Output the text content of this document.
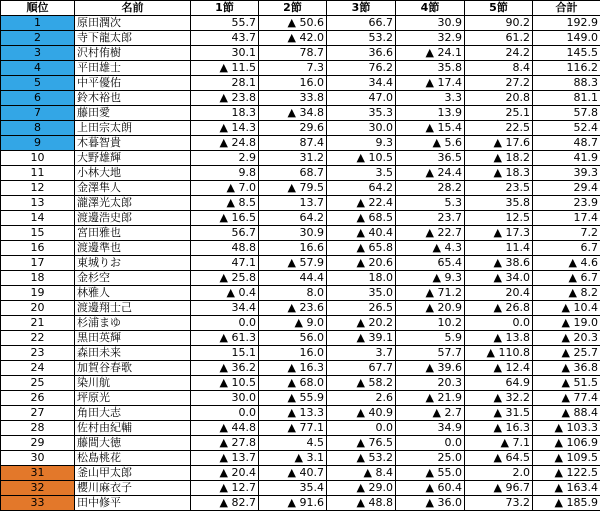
順位	名前	1節	2節	3節	4節	5節	合計
1	原田潤次	55.7	▲ 50.6	66.7	30.9	90.2	192.9
2	寺下龍太郎	43.7	▲ 42.0	53.2	32.9	61.2	149.0
3	沢村侑樹	30.1	78.7	36.6	▲ 24.1	24.2	145.5
4	平田雄士	▲ 11.5	7.3	76.2	35.8	8.4	116.2
5	中平優佑	28.1	16.0	34.4	▲ 17.4	27.2	88.3
6	鈴木裕也	▲ 23.8	33.8	47.0	3.3	20.8	81.1
7	藤田愛	18.3	▲ 34.8	35.3	13.9	25.1	57.8
8	上田宗太朗	▲ 14.3	29.6	30.0	▲ 15.4	22.5	52.4
9	木暮智貴	▲ 24.8	87.4	9.3	▲ 5.6	▲ 17.6	48.7
10	大野雄輝	2.9	31.2	▲ 10.5	36.5	▲ 18.2	41.9
11	小林大地	9.8	68.7	3.5	▲ 24.4	▲ 18.3	39.3
12	金澤隼人	▲ 7.0	▲ 79.5	64.2	28.2	23.5	29.4
13	瀧澤光太郎	▲ 8.5	13.7	▲ 22.4	5.3	35.8	23.9
14	渡邊浩史郎	▲ 16.5	64.2	▲ 68.5	23.7	12.5	17.4
15	宮田雅也	56.7	30.9	▲ 40.4	▲ 22.7	▲ 17.3	7.2
16	渡邊準也	48.8	16.6	▲ 65.8	▲ 4.3	11.4	6.7
17	東城りお	47.1	▲ 57.9	▲ 20.6	65.4	▲ 38.6	▲ 4.6
18	金杉空	▲ 25.8	44.4	18.0	▲ 9.3	▲ 34.0	▲ 6.7
19	林雅人	▲ 0.4	8.0	35.0	▲ 71.2	20.4	▲ 8.2
20	渡邊翔士己	34.4	▲ 23.6	26.5	▲ 20.9	▲ 26.8	▲ 10.4
21	杉浦まゆ	0.0	▲ 9.0	▲ 20.2	10.2	0.0	▲ 19.0
22	黒田英輝	▲ 61.3	56.0	▲ 39.1	5.9	▲ 13.8	▲ 20.3
23	森田未来	15.1	16.0	3.7	57.7	▲ 110.8	▲ 25.7
24	加賀谷春歌	▲ 36.2	▲ 16.3	67.7	▲ 39.6	▲ 12.4	▲ 36.8
25	染川航	▲ 10.5	▲ 68.0	▲ 58.2	20.3	64.9	▲ 51.5
26	坪原光	30.0	▲ 55.9	2.6	▲ 21.9	▲ 32.2	▲ 77.4
27	角田大志	0.0	▲ 13.3	▲ 40.9	▲ 2.7	▲ 31.5	▲ 88.4
28	佐村由紀輔	▲ 44.8	▲ 77.1	0.0	34.9	▲ 16.3	▲ 103.3
29	藤間大徳	▲ 27.8	4.5	▲ 76.5	0.0	▲ 7.1	▲ 106.9
30	松島桃花	▲ 13.7	▲ 3.1	▲ 53.2	25.0	▲ 64.5	▲ 109.5
31	釜山甲太郎	▲ 20.4	▲ 40.7	▲ 8.4	▲ 55.0	2.0	▲ 122.5
32	櫻川麻衣子	▲ 12.7	35.4	▲ 29.0	▲ 60.4	▲ 96.7	▲ 163.4
33	田中修平	▲ 82.7	▲ 91.6	▲ 48.8	▲ 36.0	73.2	▲ 185.9
